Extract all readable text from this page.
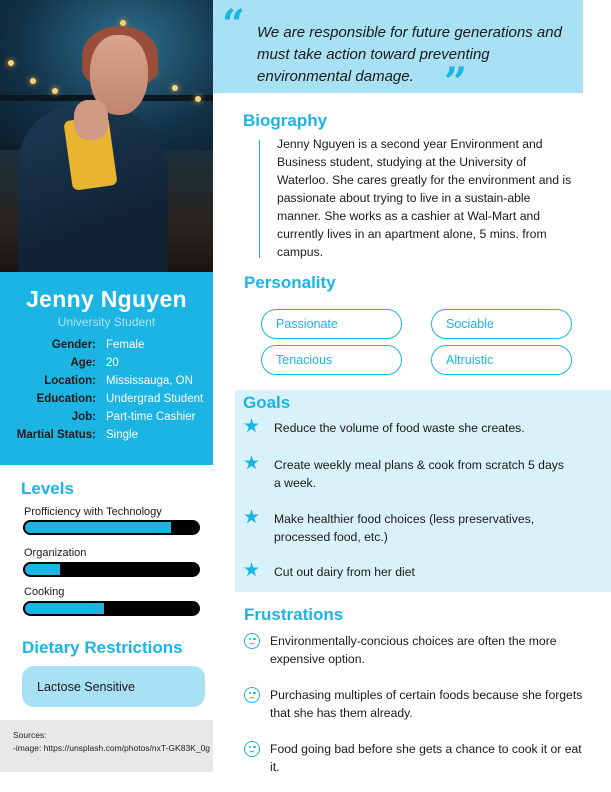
Jenny Nguyen
University Student
Gender: Female
Age: 20
Location: Mississauga, ON
Education: Undergrad Student
Job: Part-time Cashier
Martial Status: Single
Levels
Profficiency with Technology
Organization
Cooking
Dietary Restrictions
Lactose Sensitive
Sources:
-image: https://unsplash.com/photos/nxT-GK83K_0g
We are responsible for future generations and must take action toward preventing environmental damage.
“
”
Biography
Jenny Nguyen is a second year Environment and Business student, studying at the University of Waterloo. She cares greatly for the environment and is passionate about trying to live in a sustain-able manner. She works as a cashier at Wal-Mart and currently lives in an apartment alone, 5 mins. from campus.
Personality
Passionate	Sociable
Tenacious	Altruistic
Goals
★ Reduce the volume of food waste she creates.
★ Create weekly meal plans & cook from scratch 5 days a week.
★ Make healthier food choices (less preservatives, processed food, etc.)
★ Cut out dairy from her diet
Frustrations
Environmentally-concious choices are often the more expensive option.
Purchasing multiples of certain foods because she forgets that she has them already.
Food going bad before she gets a chance to cook it or eat it.
